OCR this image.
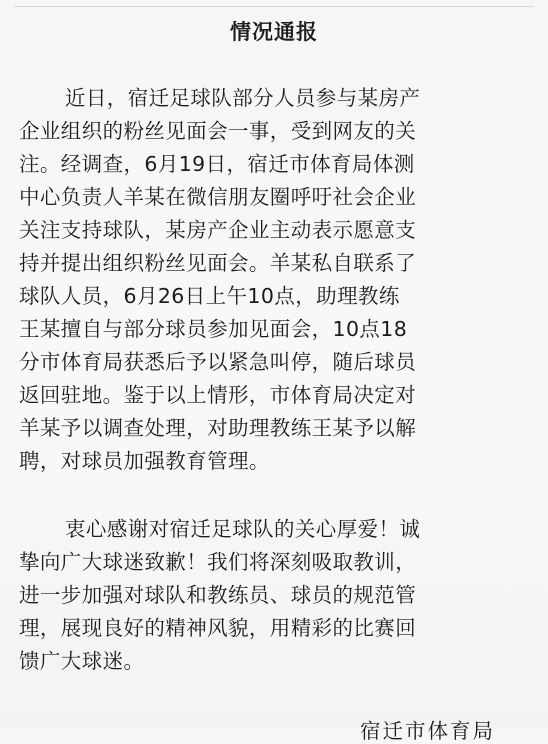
情况通报
近日，宿迁足球队部分人员参与某房产
企业组织的粉丝见面会一事，受到网友的关
注。经调查，6月19日，宿迁市体育局体测
中心负责人羊某在微信朋友圈呼吁社会企业
关注支持球队，某房产企业主动表示愿意支
持并提出组织粉丝见面会。羊某私自联系了
球队人员，6月26日上午10点，助理教练
王某擅自与部分球员参加见面会，10点18
分市体育局获悉后予以紧急叫停，随后球员
返回驻地。鉴于以上情形，市体育局决定对
羊某予以调查处理，对助理教练王某予以解
聘，对球员加强教育管理。
衷心感谢对宿迁足球队的关心厚爱！诚
挚向广大球迷致歉！我们将深刻吸取教训，
进一步加强对球队和教练员、球员的规范管
理，展现良好的精神风貌，用精彩的比赛回
馈广大球迷。
宿迁市体育局
